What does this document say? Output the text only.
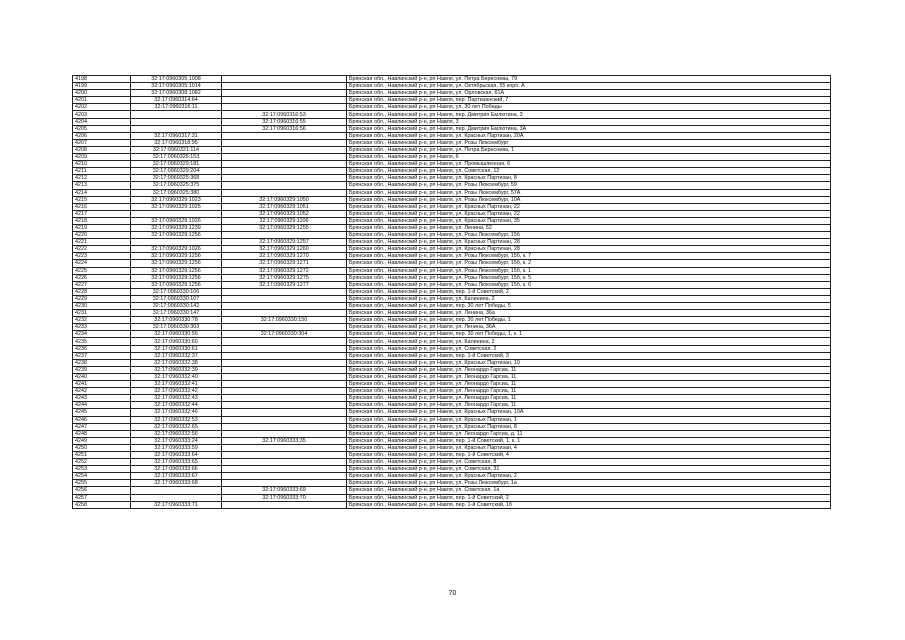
4198	32:17:0960305:1008		Брянская обл., Навлинский р-н, рп Навля, ул. Петра Береснева, 79
4199	32:17:0960305:1014		Брянская обл., Навлинский р-н, рп Навля, ул. Октябрьская, 55 корп. А
4200	32:17:0960308:1082		Брянская обл., Навлинский р-н, рп Навля, ул. Орловская, 61А
4201	32:17:0960314:64		Брянская обл., Навлинский р-н, рп Навля, пер. Партизанский, 7
4202	32:17:0960316:11		Брянская обл., Навлинский р-н, рп Навля, ул. 30 лет Победы
4203		32:17:0960316:53	Брянская обл., Навлинский р-н, рп Навля, пер. Дмитрия Емлютина, 3
4204		32:17:0960316:55	Брянская обл., Навлинский р-н, рп Навля, 3
4205		32:17:0960316:56	Брянская обл., Навлинский р-н, рп Навля, пер. Дмитрия Емлютина, 3А
4206	32:17:0960317:31		Брянская обл., Навлинский р-н, рп Навля, ул. Красных Партизан, 20А
4207	32:17:0960318:95		Брянская обл., Навлинский р-н, рп Навля, ул. Розы Люксембург
4208	32:17:0960321:114		Брянская обл., Навлинский р-н, рп Навля, ул. Петра Береснева, 1
4209	32:17:0960325:153		Брянская обл., Навлинский р-н, рп Навля, 6
4210	32:17:0960329:181		Брянская обл., Навлинский р-н, рп Навля, ул. Промышленная, 6
4211	32:17:0960329:204		Брянская обл., Навлинский р-н, рп Навля, ул. Советская, 12
4212	32:17:0960325:368		Брянская обл., Навлинский р-н, рп Навля, ул. Красных Партизан, 8
4213	32:17:0960325:375		Брянская обл., Навлинский р-н, рп Навля, ул. Розы Люксембург, 59
4214	32:17:0960325:380		Брянская обл., Навлинский р-н, рп Навля, ул. Розы Люксембург, 57А
4215	32:17:0960329:1023	32:17:0960329:1050	Брянская обл., Навлинский р-н, рп Навля, ул. Розы Люксембург, 10А
4216	32:17:0960329:1025	32:17:0960329:1051	Брянская обл., Навлинский р-н, рп Навля, ул. Красных Партизан, 22
4217		32:17:0960329:1052	Брянская обл., Навлинский р-н, рп Навля, ул. Красных Партизан, 22
4218	32:17:0960329:1026	32:17:0960329:1106	Брянская обл., Навлинский р-н, рп Навля, ул. Красных Партизан, 35
4219	32:17:0960329:1239	32:17:0960329:1255	Брянская обл., Навлинский р-н, рп Навля, ул. Ленина, 52
4220	32:17:0960329:1256		Брянская обл., Навлинский р-н, рп Навля, ул. Розы Люксембург, 15б
4221		32:17:0960329:1257	Брянская обл., Навлинский р-н, рп Навля, ул. Красных Партизан, 28
4222	32:17:0960329:1026	32:17:0960329:1260	Брянская обл., Навлинский р-н, рп Навля, ул. Красных Партизан, 28
4223	32:17:0960329:1256	32:17:0960329:1270	Брянская обл., Навлинский р-н, рп Навля, ул. Розы Люксембург, 15б, к. 7
4224	32:17:0960329:1256	32:17:0960329:1271	Брянская обл., Навлинский р-н, рп Навля, ул. Розы Люксембург, 15б, к. 2
4225	32:17:0960329:1256	32:17:0960329:1272	Брянская обл., Навлинский р-н, рп Навля, ул. Розы Люксембург, 15б, к. 1
4226	32:17:0960329:1256	32:17:0960329:1275	Брянская обл., Навлинский р-н, рп Навля, ул. Розы Люксембург, 15б, к. 5
4227	32:17:0960329:1256	32:17:0960329:1277	Брянская обл., Навлинский р-н, рп Навля, ул. Розы Люксембург, 15б, к. 6
4228	32:17:0960330:106		Брянская обл., Навлинский р-н, рп Навля, пер. 1-й Советский, 2
4229	32:17:0960330:107		Брянская обл., Навлинский р-н, рп Навля, ул. Калинина, 2
4230	32:17:0960330:142		Брянская обл., Навлинский р-н, рп Навля, пер. 30 лет Победы, 5
4231	32:17:0960330:147		Брянская обл., Навлинский р-н, рп Навля, ул. Ленина, 36а
4232	32:17:0960330:78	32:17:0960330:150	Брянская обл., Навлинский р-н, рп Навля, пер. 30 лет Победы, 1
4233	32:17:0960330:303		Брянская обл., Навлинский р-н, рп Навля, ул. Ленина, 36А
4234	32:17:0960330:56	32:17:0960330:304	Брянская обл., Навлинский р-н, рп Навля, пер. 30 лет Победы, 1, к. 1
4235	32:17:0960330:60		Брянская обл., Навлинский р-н, рп Навля, ул. Калинина, 2
4236	32:17:0960330:61		Брянская обл., Навлинский р-н, рп Навля, ул. Советская, 2
4237	32:17:0960332:37		Брянская обл., Навлинский р-н, рп Навля, пер. 1-й Советский, 3
4238	32:17:0960332:38		Брянская обл., Навлинский р-н, рп Навля, ул. Красных Партизан, 10
4239	32:17:0960332:39		Брянская обл., Навлинский р-н, рп Навля, ул. Леонардо Гарсиа, 11
4240	32:17:0960332:40		Брянская обл., Навлинский р-н, рп Навля, ул. Леонардо Гарсиа, 11
4241	32:17:0960332:41		Брянская обл., Навлинский р-н, рп Навля, ул. Леонардо Гарсиа, 11
4242	32:17:0960332:42		Брянская обл., Навлинский р-н, рп Навля, ул. Леонардо Гарсиа, 11
4243	32:17:0960332:43		Брянская обл., Навлинский р-н, рп Навля, ул. Леонардо Гарсиа, 11
4244	32:17:0960332:44		Брянская обл., Навлинский р-н, рп Навля, ул. Леонардо Гарсиа, 11
4245	32:17:0960332:46		Брянская обл., Навлинский р-н, рп Навля, ул. Красных Партизан, 10А
4246	32:17:0960332:53		Брянская обл., Навлинский р-н, рп Навля, ул. Красных Партизан, 1
4247	32:17:0960332:65		Брянская обл., Навлинский р-н, рп Навля, ул. Красных Партизан, 8
4248	32:17:0960332:56		Брянская обл., Навлинский р-н, рп Навля, ул. Леонардо Гарсиа, д. 11
4249	32:17:0960333:24	32:17:0960333:35	Брянская обл., Навлинский р-н, рп Навля, пер. 1-й Советский, 1, к. 1
4250	32:17:0960333:59		Брянская обл., Навлинский р-н, рп Навля, ул. Красных Партизан, 4
4251	32:17:0960333:64		Брянская обл., Навлинский р-н, рп Навля, пер. 1-й Советский, 4
4252	32:17:0960333:65		Брянская обл., Навлинский р-н, рп Навля, ул. Советская, 8
4253	32:17:0960333:66		Брянская обл., Навлинский р-н, рп Навля, ул. Советская, 31
4254	32:17:0960333:67		Брянская обл., Навлинский р-н, рп Навля, ул. Красных Партизан, 2
4255	32:17:0960333:68		Брянская обл., Навлинский р-н, рп Навля, ул. Розы Люксембург, 1а
4256		32:17:0960333:69	Брянская обл., Навлинский р-н, рп Навля, ул. Советская, 1а
4257		32:17:0960333:70	Брянская обл., Навлинский р-н, рп Навля, пер. 1-й Советский, 2
4258	32:17:0960333:71		Брянская обл., Навлинский р-н, рп Навля, пер. 1-й Советский, 1б
70
